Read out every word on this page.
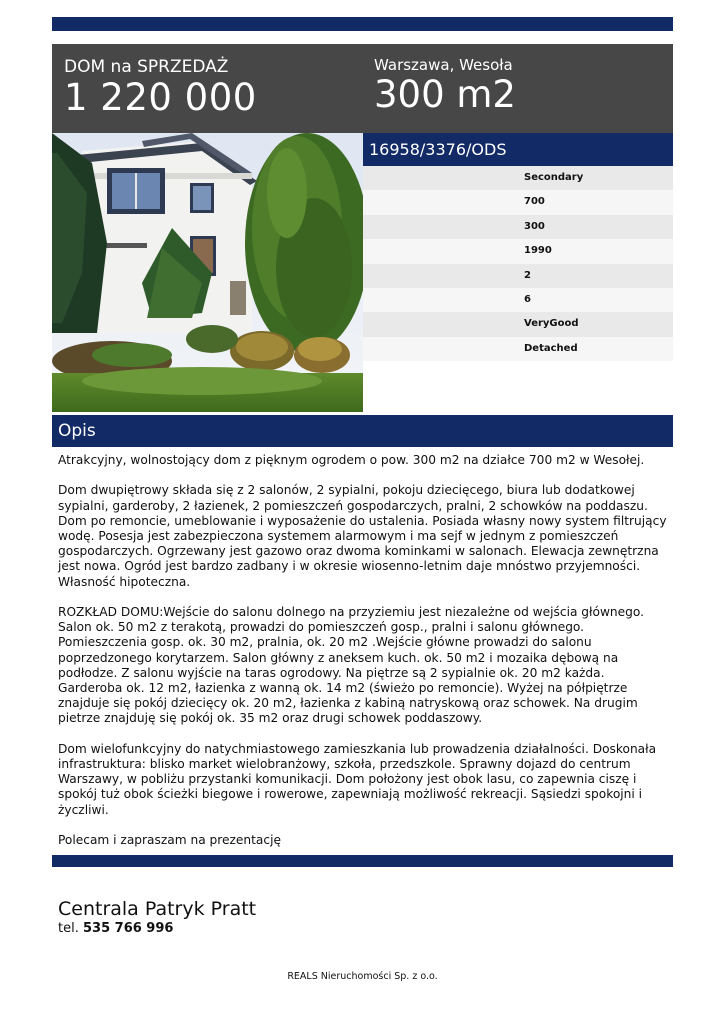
DOM na SPRZEDAŻ
1 220 000
Warszawa, Wesoła
300 m2
16958/3376/ODS
Secondary
700
300
1990
2
6
VeryGood
Detached
Opis

Atrakcyjny, wolnostojący dom z pięknym ogrodem o pow. 300 m2 na działce 700 m2 w Wesołej.

Dom dwupiętrowy składa się z 2 salonów, 2 sypialni, pokoju dziecięcego, biura lub dodatkowej sypialni, garderoby, 2 łazienek, 2 pomieszczeń gospodarczych, pralni, 2 schowków na poddaszu. Dom po remoncie, umeblowanie i wyposażenie do ustalenia. Posiada własny nowy system filtrujący wodę. Posesja jest zabezpieczona systemem alarmowym i ma sejf w jednym z pomieszczeń gospodarczych. Ogrzewany jest gazowo oraz dwoma kominkami w salonach. Elewacja zewnętrzna jest nowa. Ogród jest bardzo zadbany i w okresie wiosenno-letnim daje mnóstwo przyjemności. Własność hipoteczna.

ROZKŁAD DOMU:Wejście do salonu dolnego na przyziemiu jest niezależne od wejścia głównego. Salon ok. 50 m2 z terakotą, prowadzi do pomieszczeń gosp., pralni i salonu głównego. Pomieszczenia gosp. ok. 30 m2, pralnia, ok. 20 m2 .Wejście główne prowadzi do salonu poprzedzonego korytarzem. Salon główny z aneksem kuch. ok. 50 m2 i mozaika dębową na podłodze. Z salonu wyjście na taras ogrodowy. Na piętrze są 2 sypialnie ok. 20 m2 każda. Garderoba ok. 12 m2, łazienka z wanną ok. 14 m2 (świeżo po remoncie). Wyżej na półpiętrze znajduje się pokój dziecięcy ok. 20 m2, łazienka z kabiną natryskową oraz schowek. Na drugim pietrze znajduję się pokój ok. 35 m2 oraz drugi schowek poddaszowy.

Dom wielofunkcyjny do natychmiastowego zamieszkania lub prowadzenia działalności. Doskonała infrastruktura: blisko market wielobranżowy, szkoła, przedszkole. Sprawny dojazd do centrum Warszawy, w pobliżu przystanki komunikacji. Dom położony jest obok lasu, co zapewnia ciszę i spokój tuż obok ścieżki biegowe i rowerowe, zapewniają możliwość rekreacji. Sąsiedzi spokojni i życzliwi.

Polecam i zapraszam na prezentację

Centrala Patryk Pratt
tel. 535 766 996
REALS Nieruchomości Sp. z o.o.
